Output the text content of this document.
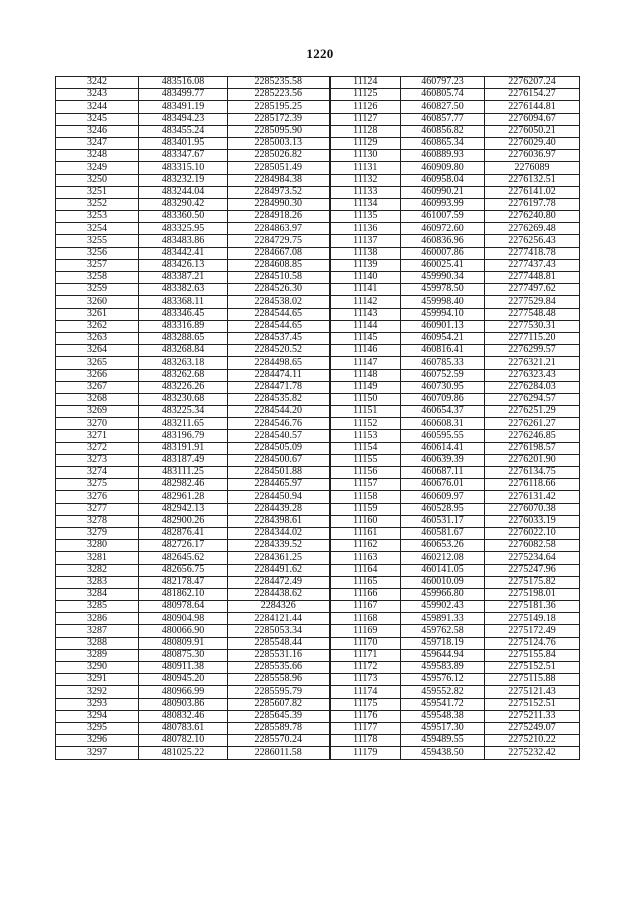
1220
3242	483516.08	2285235.58	11124	460797.23	2276207.24
3243	483499.77	2285223.56	11125	460805.74	2276154.27
3244	483491.19	2285195.25	11126	460827.50	2276144.81
3245	483494.23	2285172.39	11127	460857.77	2276094.67
3246	483455.24	2285095.90	11128	460856.82	2276050.21
3247	483401.95	2285003.13	11129	460865.34	2276029.40
3248	483347.67	2285026.82	11130	460889.93	2276036.97
3249	483315.10	2285051.49	11131	460909.80	2276089
3250	483232.19	2284984.38	11132	460958.04	2276132.51
3251	483244.04	2284973.52	11133	460990.21	2276141.02
3252	483290.42	2284990.30	11134	460993.99	2276197.78
3253	483360.50	2284918.26	11135	461007.59	2276240.80
3254	483325.95	2284863.97	11136	460972.60	2276269.48
3255	483483.86	2284729.75	11137	460836.96	2276256.43
3256	483442.41	2284667.08	11138	460007.86	2277418.78
3257	483426.13	2284608.85	11139	460025.41	2277437.43
3258	483387.21	2284510.58	11140	459990.34	2277448.81
3259	483382.63	2284526.30	11141	459978.50	2277497.62
3260	483368.11	2284538.02	11142	459998.40	2277529.84
3261	483346.45	2284544.65	11143	459994.10	2277548.48
3262	483316.89	2284544.65	11144	460901.13	2277530.31
3263	483288.65	2284537.45	11145	460954.21	2277115.20
3264	483268.84	2284520.52	11146	460816.41	2276299.57
3265	483263.18	2284498.65	11147	460785.33	2276321.21
3266	483262.68	2284474.11	11148	460752.59	2276323.43
3267	483226.26	2284471.78	11149	460730.95	2276284.03
3268	483230.68	2284535.82	11150	460709.86	2276294.57
3269	483225.34	2284544.20	11151	460654.37	2276251.29
3270	483211.65	2284546.76	11152	460608.31	2276261.27
3271	483196.79	2284540.57	11153	460595.55	2276246.85
3272	483191.91	2284505.09	11154	460614.41	2276198.57
3273	483187.49	2284500.67	11155	460639.39	2276201.90
3274	483111.25	2284501.88	11156	460687.11	2276134.75
3275	482982.46	2284465.97	11157	460676.01	2276118.66
3276	482961.28	2284450.94	11158	460609.97	2276131.42
3277	482942.13	2284439.28	11159	460528.95	2276070.38
3278	482900.26	2284398.61	11160	460531.17	2276033.19
3279	482876.41	2284344.02	11161	460581.67	2276022.10
3280	482726.17	2284339.52	11162	460653.26	2276082.58
3281	482645.62	2284361.25	11163	460212.08	2275234.64
3282	482656.75	2284491.62	11164	460141.05	2275247.96
3283	482178.47	2284472.49	11165	460010.09	2275175.82
3284	481862.10	2284438.62	11166	459966.80	2275198.01
3285	480978.64	2284326	11167	459902.43	2275181.36
3286	480904.98	2284121.44	11168	459891.33	2275149.18
3287	480066.90	2285053.34	11169	459762.58	2275172.49
3288	480809.91	2285548.44	11170	459718.19	2275124.76
3289	480875.30	2285531.16	11171	459644.94	2275155.84
3290	480911.38	2285535.66	11172	459583.89	2275152.51
3291	480945.20	2285558.96	11173	459576.12	2275115.88
3292	480966.99	2285595.79	11174	459552.82	2275121.43
3293	480903.86	2285607.82	11175	459541.72	2275152.51
3294	480832.46	2285645.39	11176	459548.38	2275211.33
3295	480783.61	2285589.78	11177	459517.30	2275249.07
3296	480782.10	2285570.24	11178	459489.55	2275210.22
3297	481025.22	2286011.58	11179	459438.50	2275232.42
